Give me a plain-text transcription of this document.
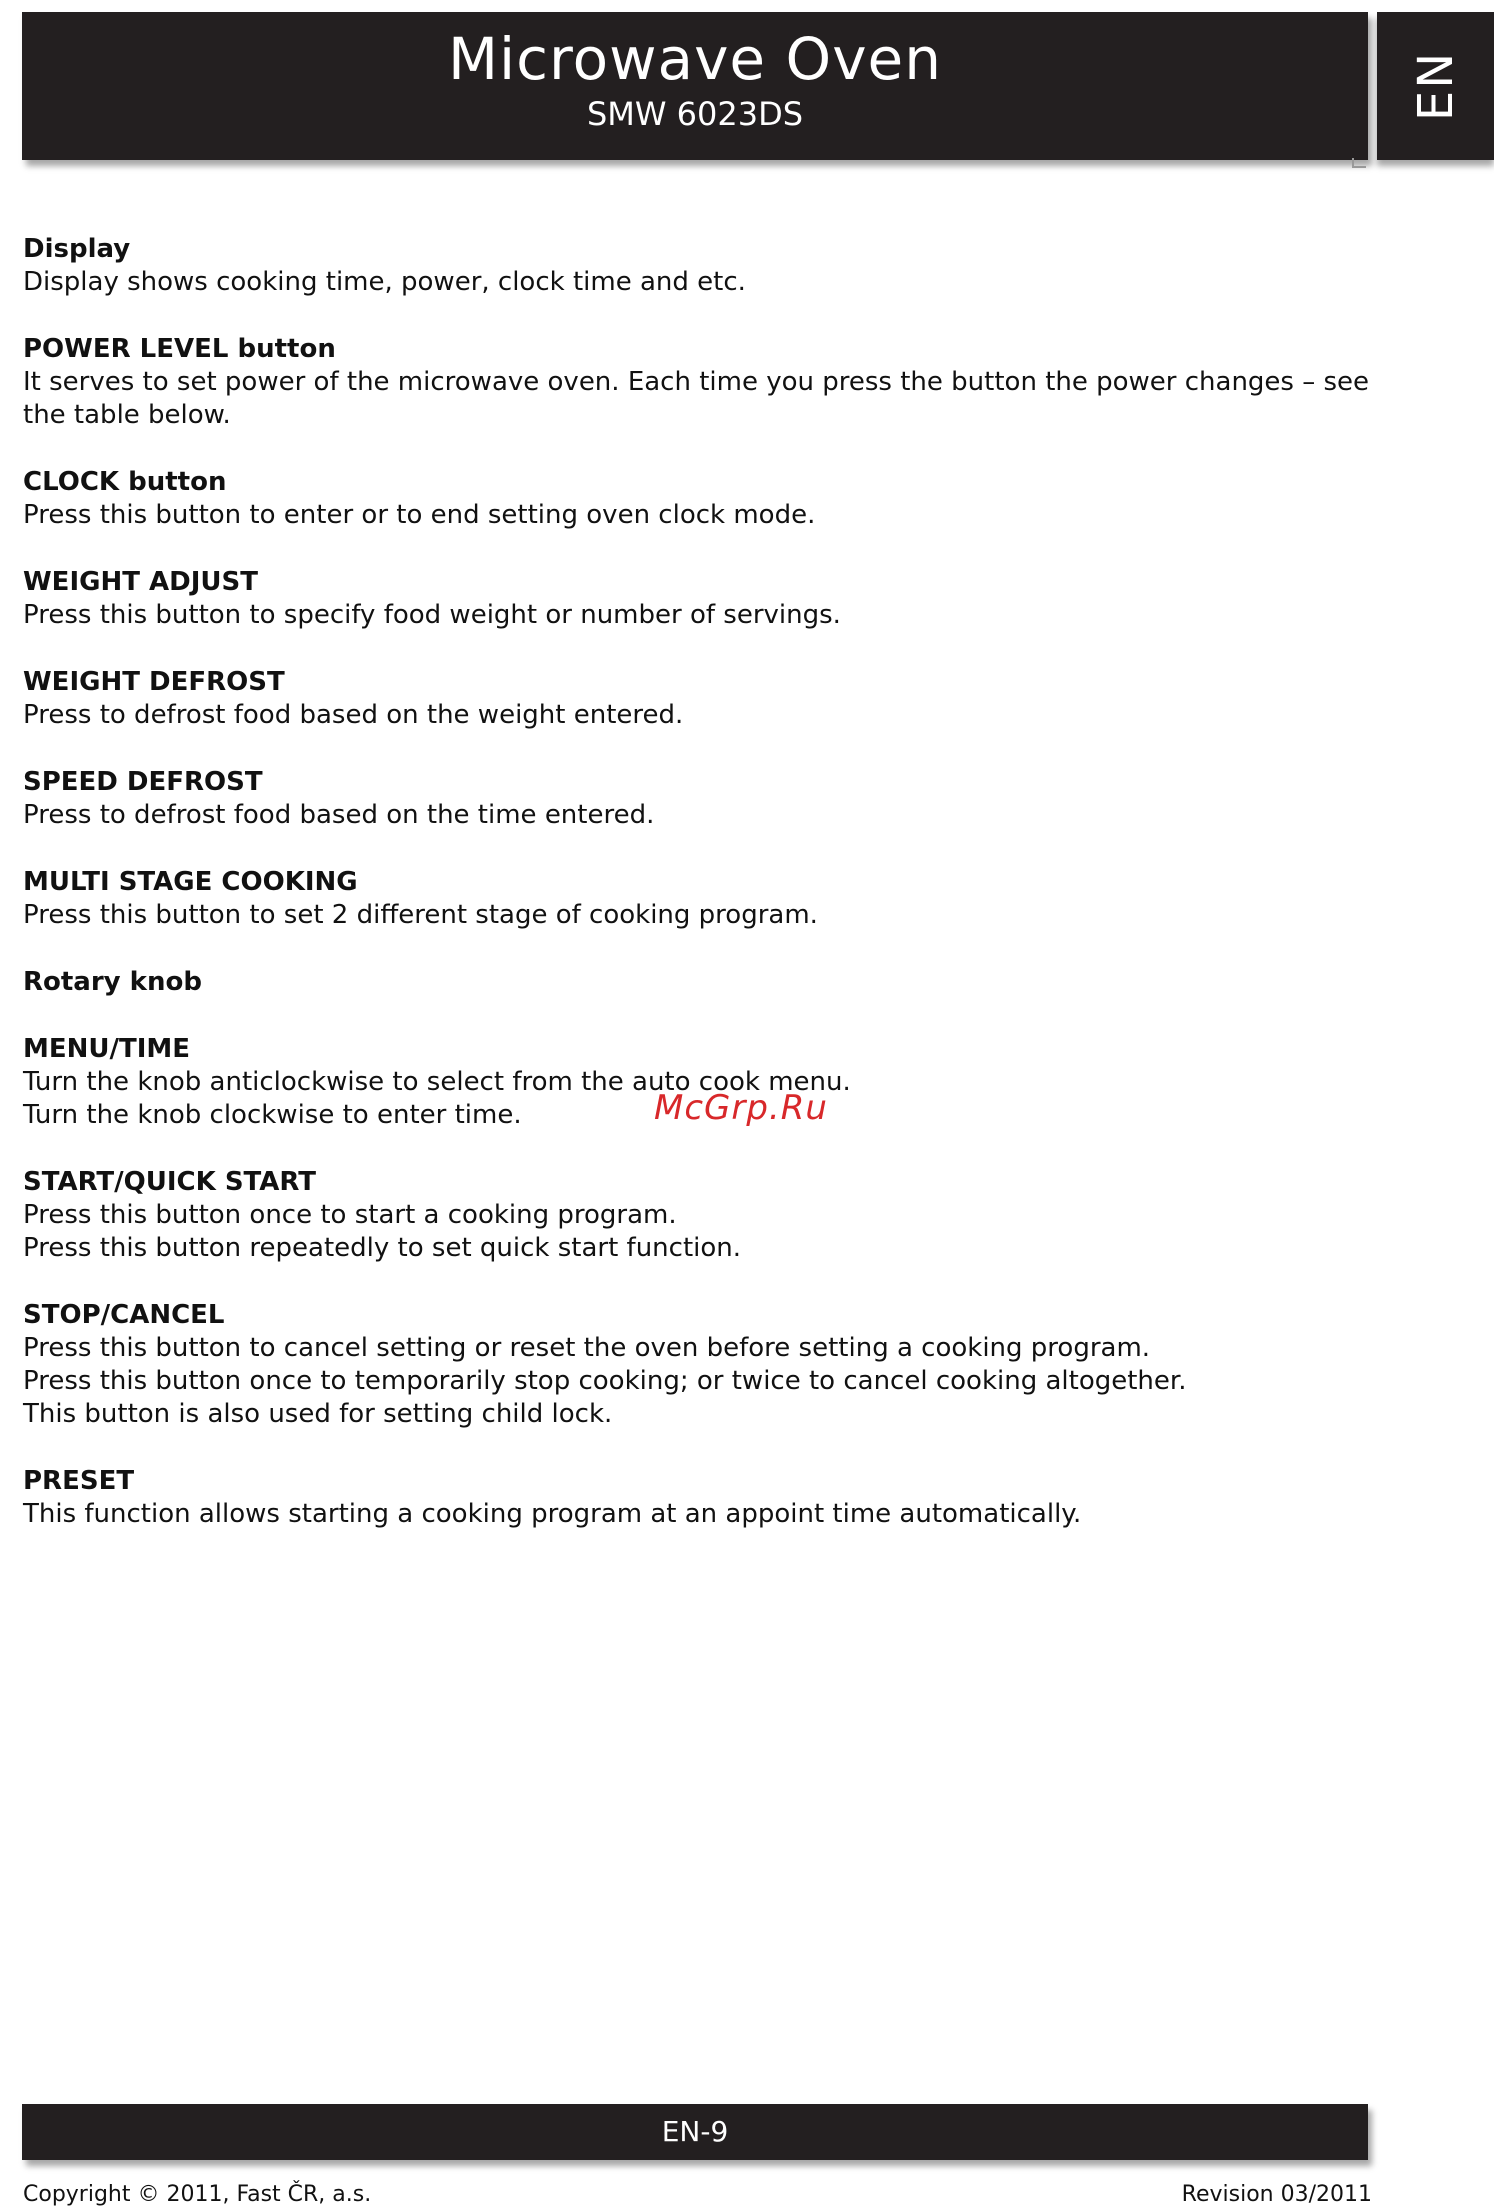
Microwave Oven
SMW 6023DS	EN
Display
Display shows cooking time, power, clock time and etc.
POWER LEVEL button
It serves to set power of the microwave oven. Each time you press the button the power changes – see
the table below.
CLOCK button
Press this button to enter or to end setting oven clock mode.
WEIGHT ADJUST
Press this button to specify food weight or number of servings.
WEIGHT DEFROST
Press to defrost food based on the weight entered.
SPEED DEFROST
Press to defrost food based on the time entered.
MULTI STAGE COOKING
Press this button to set 2 different stage of cooking program.
Rotary knob
MENU/TIME
Turn the knob anticlockwise to select from the auto cook menu.
Turn the knob clockwise to enter time.
START/QUICK START
Press this button once to start a cooking program.
Press this button repeatedly to set quick start function.
STOP/CANCEL
Press this button to cancel setting or reset the oven before setting a cooking program.
Press this button once to temporarily stop cooking; or twice to cancel cooking altogether.
This button is also used for setting child lock.
PRESET
This function allows starting a cooking program at an appoint time automatically.
McGrp.Ru
EN-9
Copyright © 2011, Fast ČR, a.s.	Revision 03/2011
